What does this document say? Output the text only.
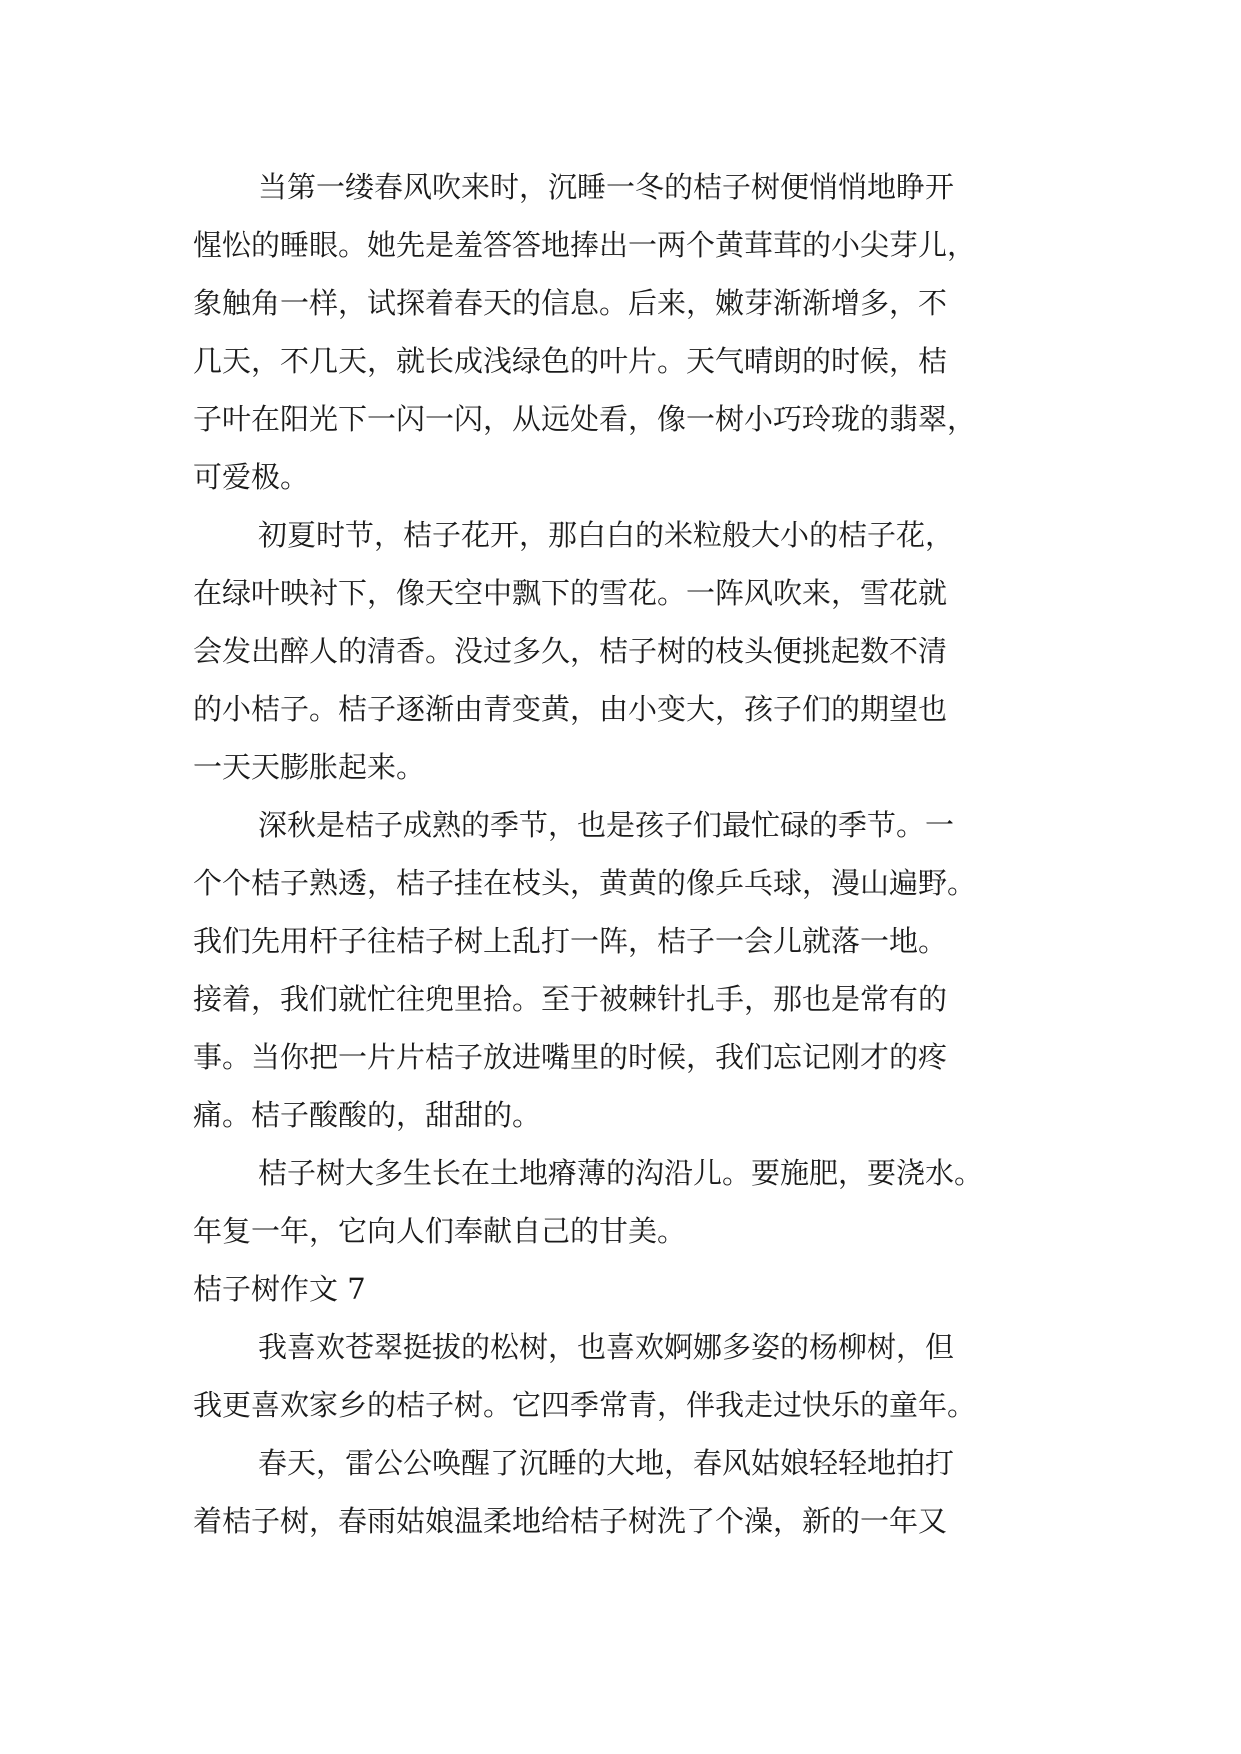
当第一缕春风吹来时，沉睡一冬的桔子树便悄悄地睁开
惺忪的睡眼。她先是羞答答地捧出一两个黄茸茸的小尖芽儿，
象触角一样，试探着春天的信息。后来，嫩芽渐渐增多，不
几天，不几天，就长成浅绿色的叶片。天气晴朗的时候，桔
子叶在阳光下一闪一闪，从远处看，像一树小巧玲珑的翡翠，
可爱极。
初夏时节，桔子花开，那白白的米粒般大小的桔子花，
在绿叶映衬下，像天空中飘下的雪花。一阵风吹来，雪花就
会发出醉人的清香。没过多久，桔子树的枝头便挑起数不清
的小桔子。桔子逐渐由青变黄，由小变大，孩子们的期望也
一天天膨胀起来。
深秋是桔子成熟的季节，也是孩子们最忙碌的季节。一
个个桔子熟透，桔子挂在枝头，黄黄的像乒乓球，漫山遍野。
我们先用杆子往桔子树上乱打一阵，桔子一会儿就落一地。
接着，我们就忙往兜里拾。至于被棘针扎手，那也是常有的
事。当你把一片片桔子放进嘴里的时候，我们忘记刚才的疼
痛。桔子酸酸的，甜甜的。
桔子树大多生长在土地瘠薄的沟沿儿。要施肥，要浇水。
年复一年，它向人们奉献自己的甘美。
桔子树作文 7
我喜欢苍翠挺拔的松树，也喜欢婀娜多姿的杨柳树，但
我更喜欢家乡的桔子树。它四季常青，伴我走过快乐的童年。
春天，雷公公唤醒了沉睡的大地，春风姑娘轻轻地拍打
着桔子树，春雨姑娘温柔地给桔子树洗了个澡，新的一年又
